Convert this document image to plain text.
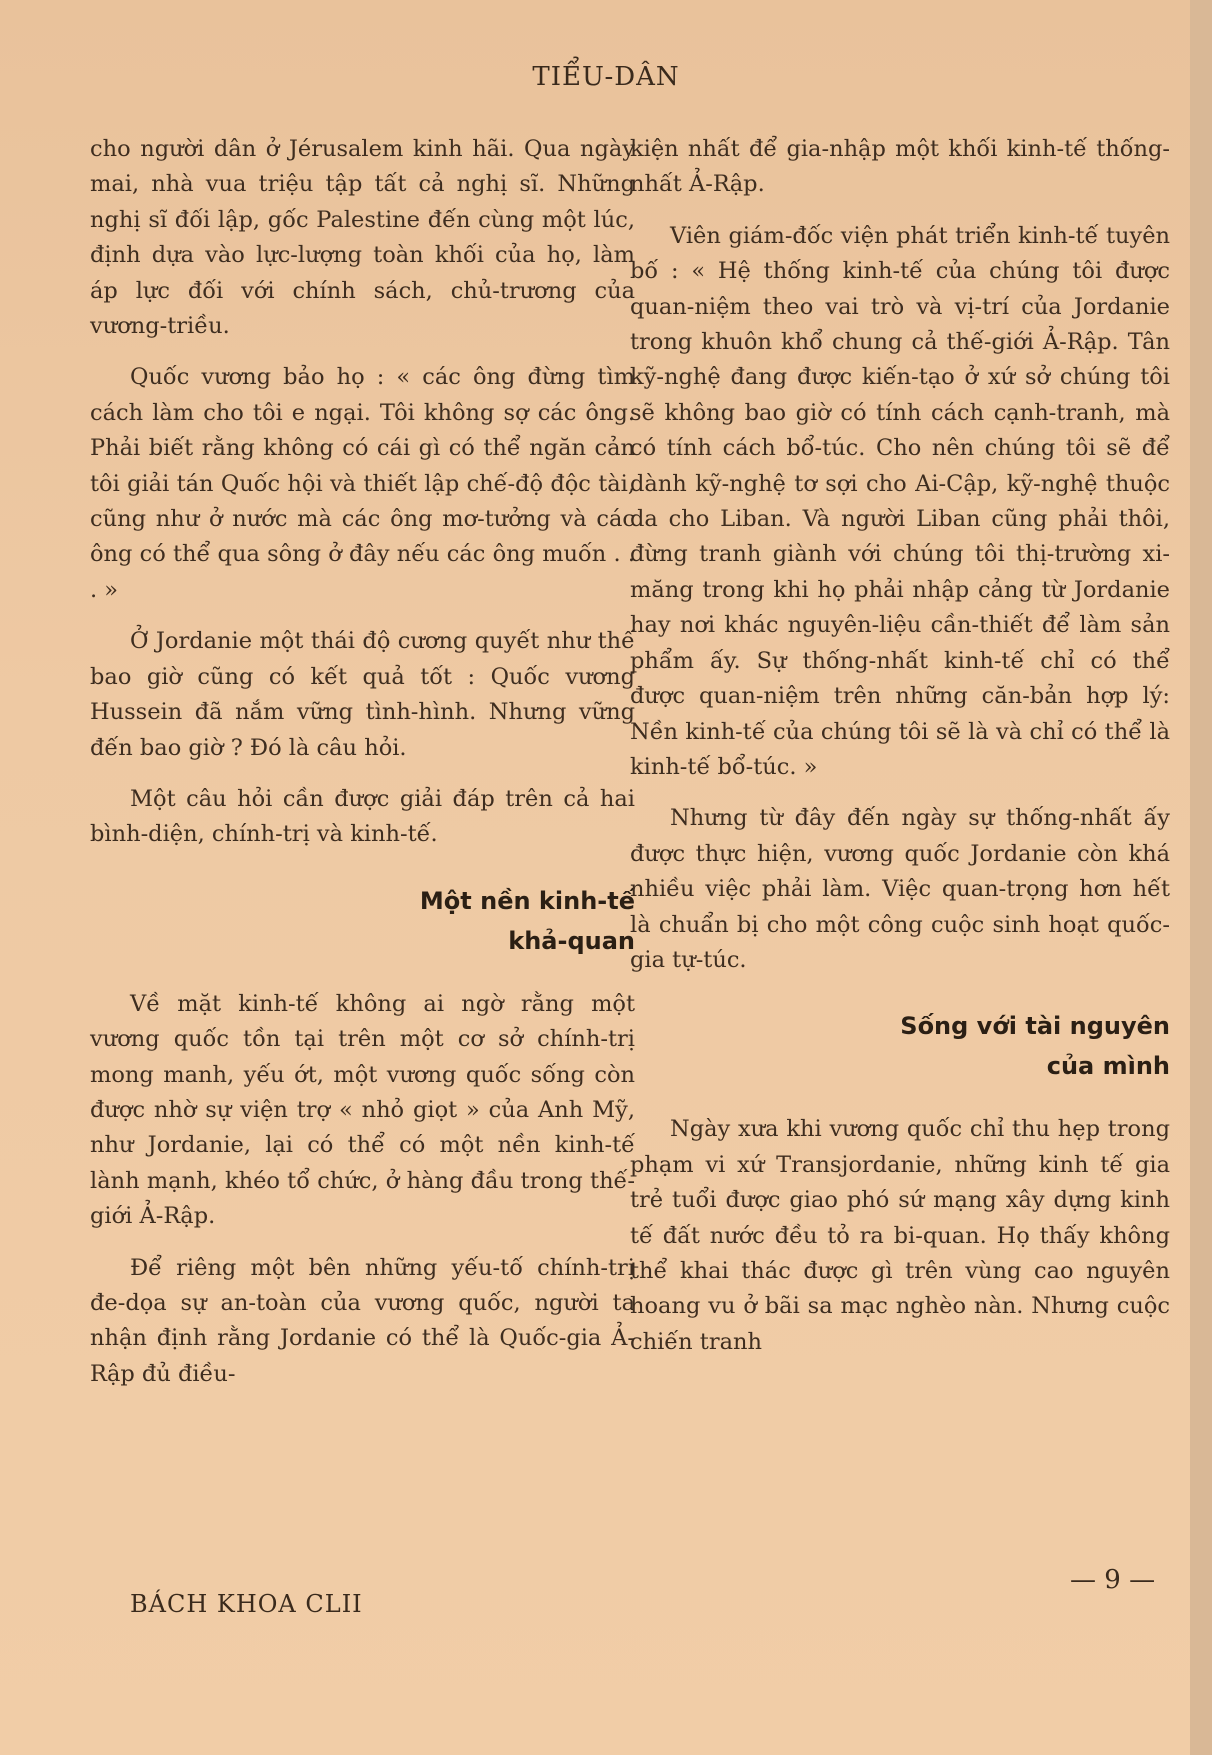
TIỂU-DÂN

cho người dân ở Jérusalem kinh hãi. Qua ngày mai, nhà vua triệu tập tất cả nghị sĩ. Những nghị sĩ đối lập, gốc Palestine đến cùng một lúc, định dựa vào lực-lượng toàn khối của họ, làm áp lực đối với chính sách, chủ-trương của vương-triều.

Quốc vương bảo họ : « các ông đừng tìm cách làm cho tôi e ngại. Tôi không sợ các ông. Phải biết rằng không có cái gì có thể ngăn cản tôi giải tán Quốc hội và thiết lập chế-độ độc tài, cũng như ở nước mà các ông mơ-tưởng và các ông có thể qua sông ở đây nếu các ông muốn . . . »

Ở Jordanie một thái độ cương quyết như thế bao giờ cũng có kết quả tốt : Quốc vương Hussein đã nắm vững tình-hình. Nhưng vững đến bao giờ ? Đó là câu hỏi.

Một câu hỏi cần được giải đáp trên cả hai bình-diện, chính-trị và kinh-tế.

Một nền kinh-tế
khả-quan

Về mặt kinh-tế không ai ngờ rằng một vương quốc tồn tại trên một cơ sở chính-trị mong manh, yếu ớt, một vương quốc sống còn được nhờ sự viện trợ « nhỏ giọt » của Anh Mỹ, như Jordanie, lại có thể có một nền kinh-tế lành mạnh, khéo tổ chức, ở hàng đầu trong thế-giới Ả-Rập.

Để riêng một bên những yếu-tố chính-trị đe-dọa sự an-toàn của vương quốc, người ta nhận định rằng Jordanie có thể là Quốc-gia Ả-Rập đủ điều-

kiện nhất để gia-nhập một khối kinh-tế thống-nhất Ả-Rập.

Viên giám-đốc viện phát triển kinh-tế tuyên bố : « Hệ thống kinh-tế của chúng tôi được quan-niệm theo vai trò và vị-trí của Jordanie trong khuôn khổ chung cả thế-giới Ả-Rập. Tân kỹ-nghệ đang được kiến-tạo ở xứ sở chúng tôi sẽ không bao giờ có tính cách cạnh-tranh, mà có tính cách bổ-túc. Cho nên chúng tôi sẽ để dành kỹ-nghệ tơ sợi cho Ai-Cập, kỹ-nghệ thuộc da cho Liban. Và người Liban cũng phải thôi, đừng tranh giành với chúng tôi thị-trường xi-măng trong khi họ phải nhập cảng từ Jordanie hay nơi khác nguyên-liệu cần-thiết để làm sản phẩm ấy. Sự thống-nhất kinh-tế chỉ có thể được quan-niệm trên những căn-bản hợp lý: Nền kinh-tế của chúng tôi sẽ là và chỉ có thể là kinh-tế bổ-túc. »

Nhưng từ đây đến ngày sự thống-nhất ấy được thực hiện, vương quốc Jordanie còn khá nhiều việc phải làm. Việc quan-trọng hơn hết là chuẩn bị cho một công cuộc sinh hoạt quốc-gia tự-túc.

Sống với tài nguyên
của mình

Ngày xưa khi vương quốc chỉ thu hẹp trong phạm vi xứ Transjordanie, những kinh tế gia trẻ tuổi được giao phó sứ mạng xây dựng kinh tế đất nước đều tỏ ra bi-quan. Họ thấy không thể khai thác được gì trên vùng cao nguyên hoang vu ở bãi sa mạc nghèo nàn. Nhưng cuộc chiến tranh

BÁCH KHOA CLII
— 9 —
